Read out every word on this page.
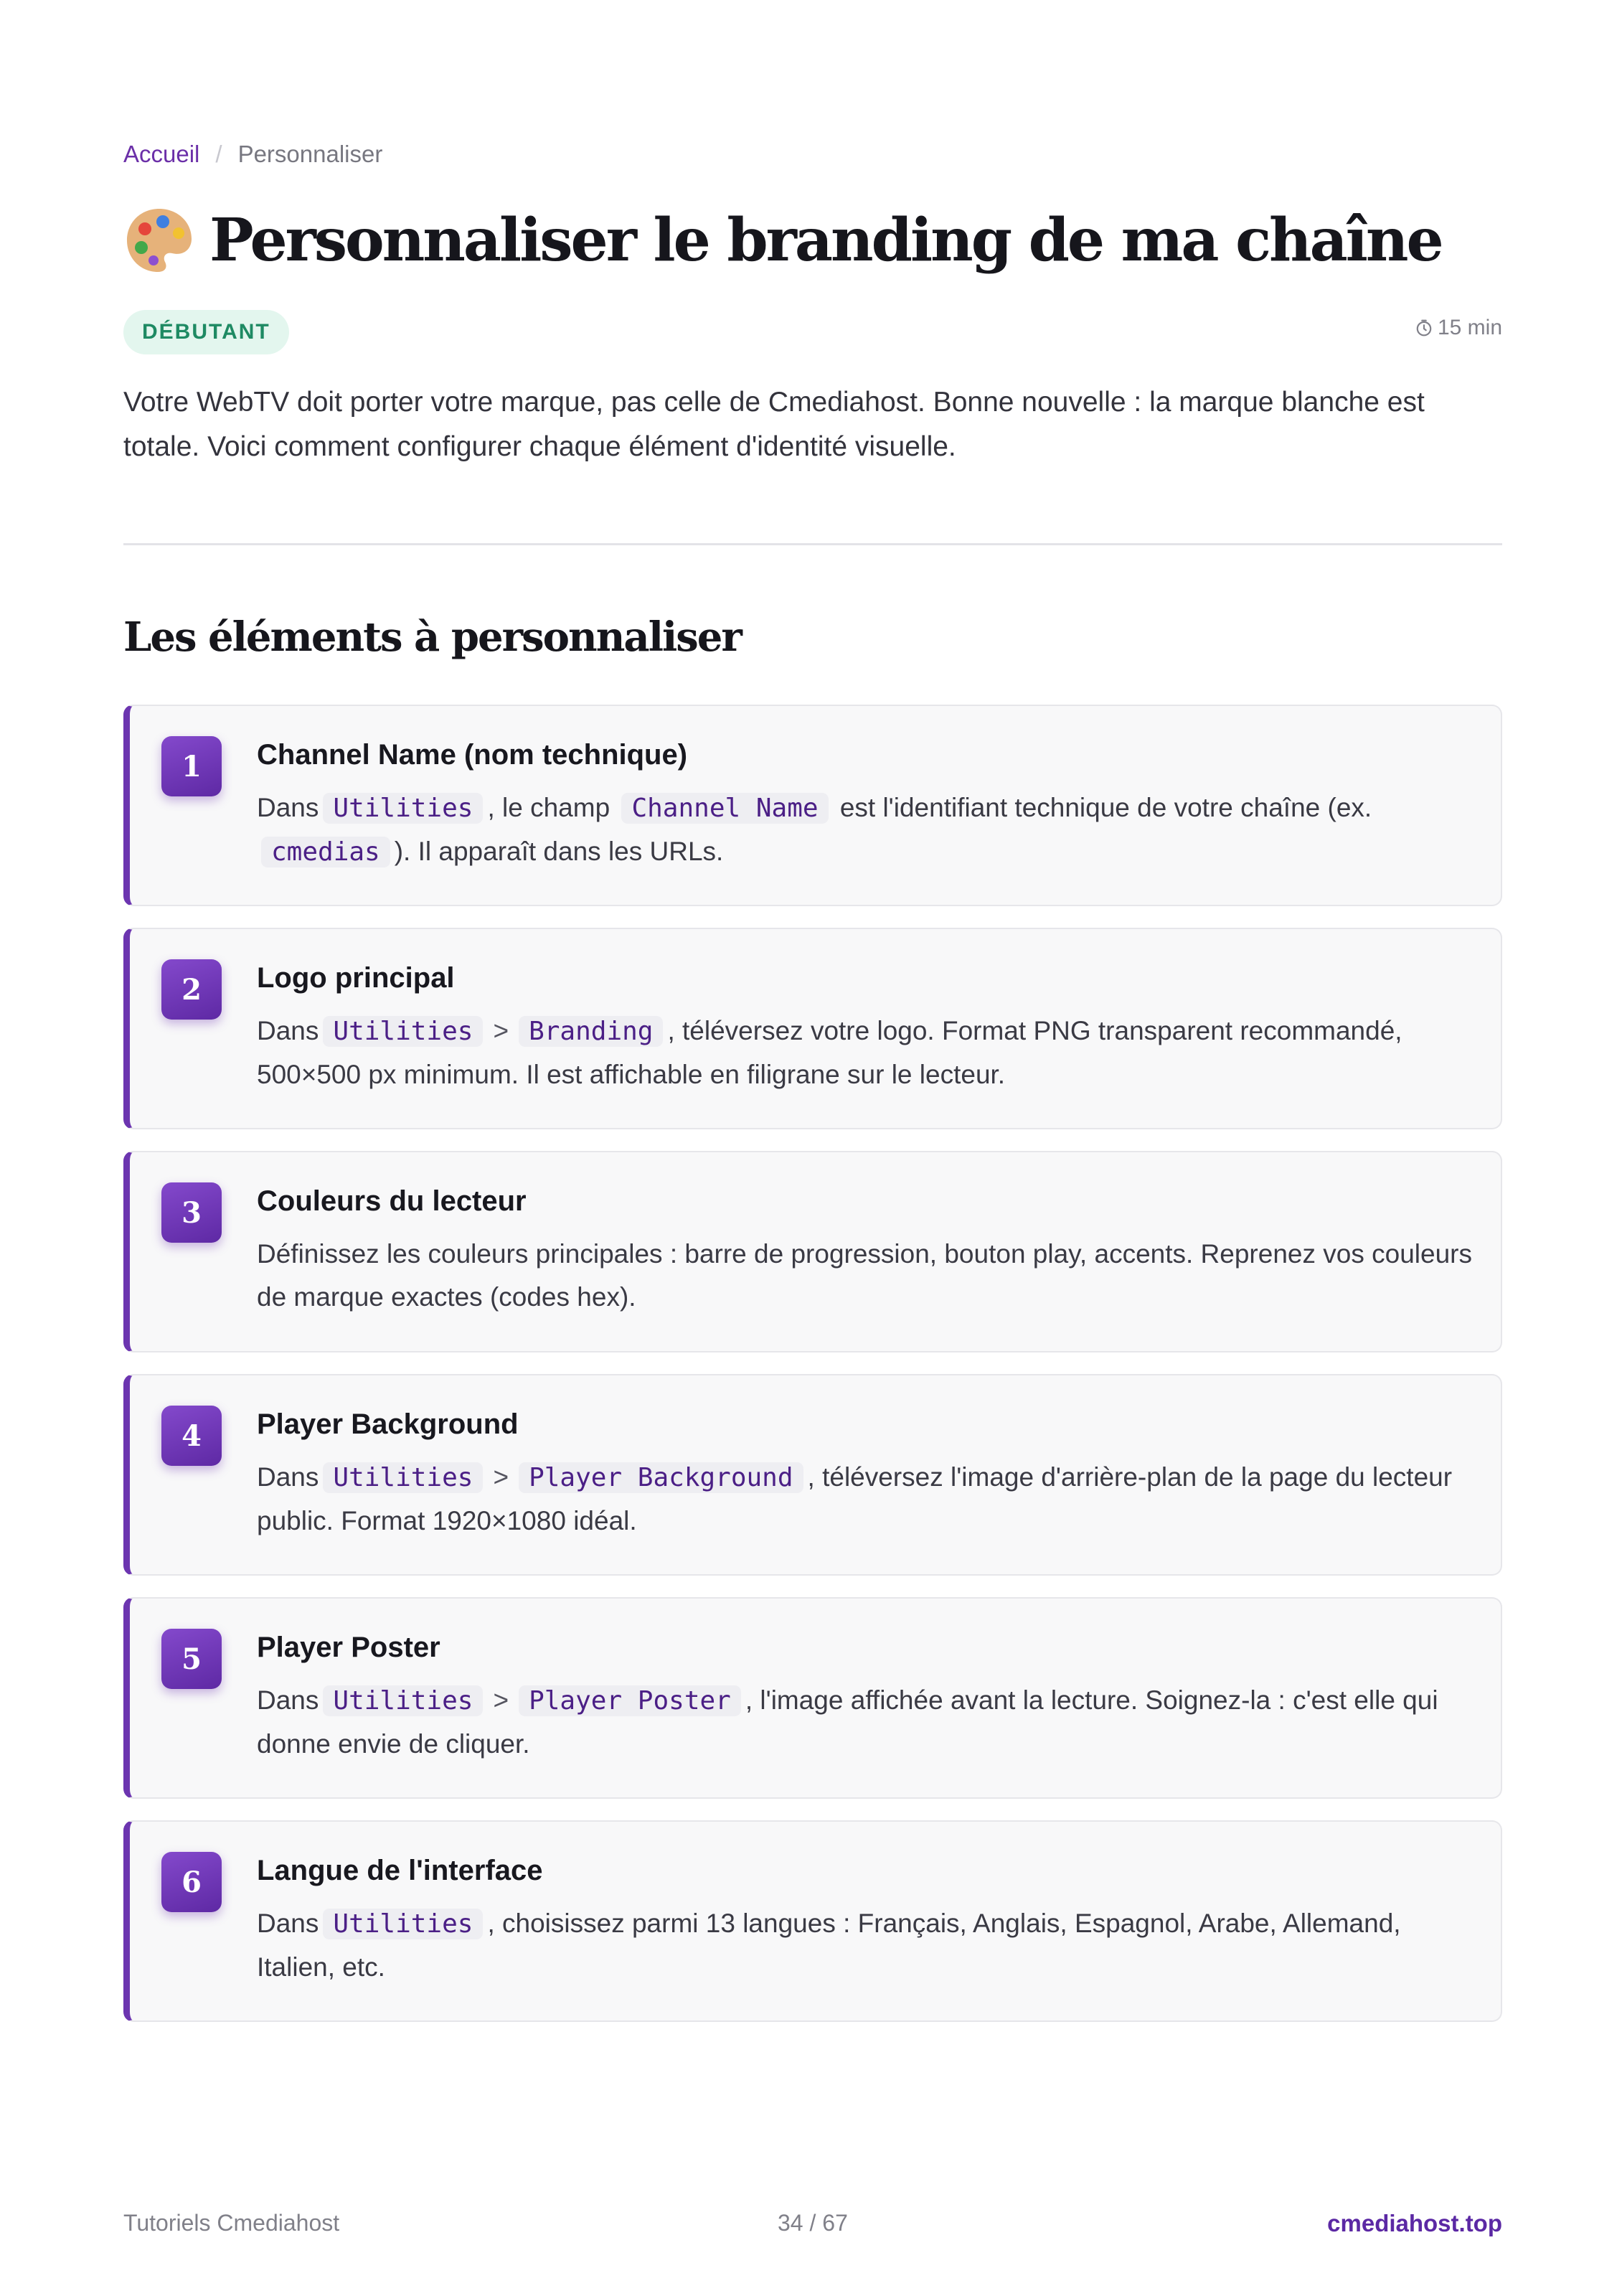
Accueil / Personnaliser
Personnaliser le branding de ma chaîne
DÉBUTANT	15 min

Votre WebTV doit porter votre marque, pas celle de Cmediahost. Bonne nouvelle : la marque blanche est totale. Voici comment configurer chaque élément d'identité visuelle.

Les éléments à personnaliser
1	Channel Name (nom technique)

Dans Utilities , le champ Channel Name est l'identifiant technique de votre chaîne (ex. cmedias ). Il apparaît dans les URLs.

2	Logo principal

Dans Utilities > Branding , téléversez votre logo. Format PNG transparent recommandé, 500×500 px minimum. Il est affichable en filigrane sur le lecteur.

3	Couleurs du lecteur

Définissez les couleurs principales : barre de progression, bouton play, accents. Reprenez vos couleurs de marque exactes (codes hex).

4	Player Background

Dans Utilities > Player Background , téléversez l'image d'arrière-plan de la page du lecteur public. Format 1920×1080 idéal.

5	Player Poster

Dans Utilities > Player Poster , l'image affichée avant la lecture. Soignez-la : c'est elle qui donne envie de cliquer.

6	Langue de l'interface

Dans Utilities , choisissez parmi 13 langues : Français, Anglais, Espagnol, Arabe, Allemand, Italien, etc.

Tutoriels Cmediahost	34 / 67	cmediahost.top
